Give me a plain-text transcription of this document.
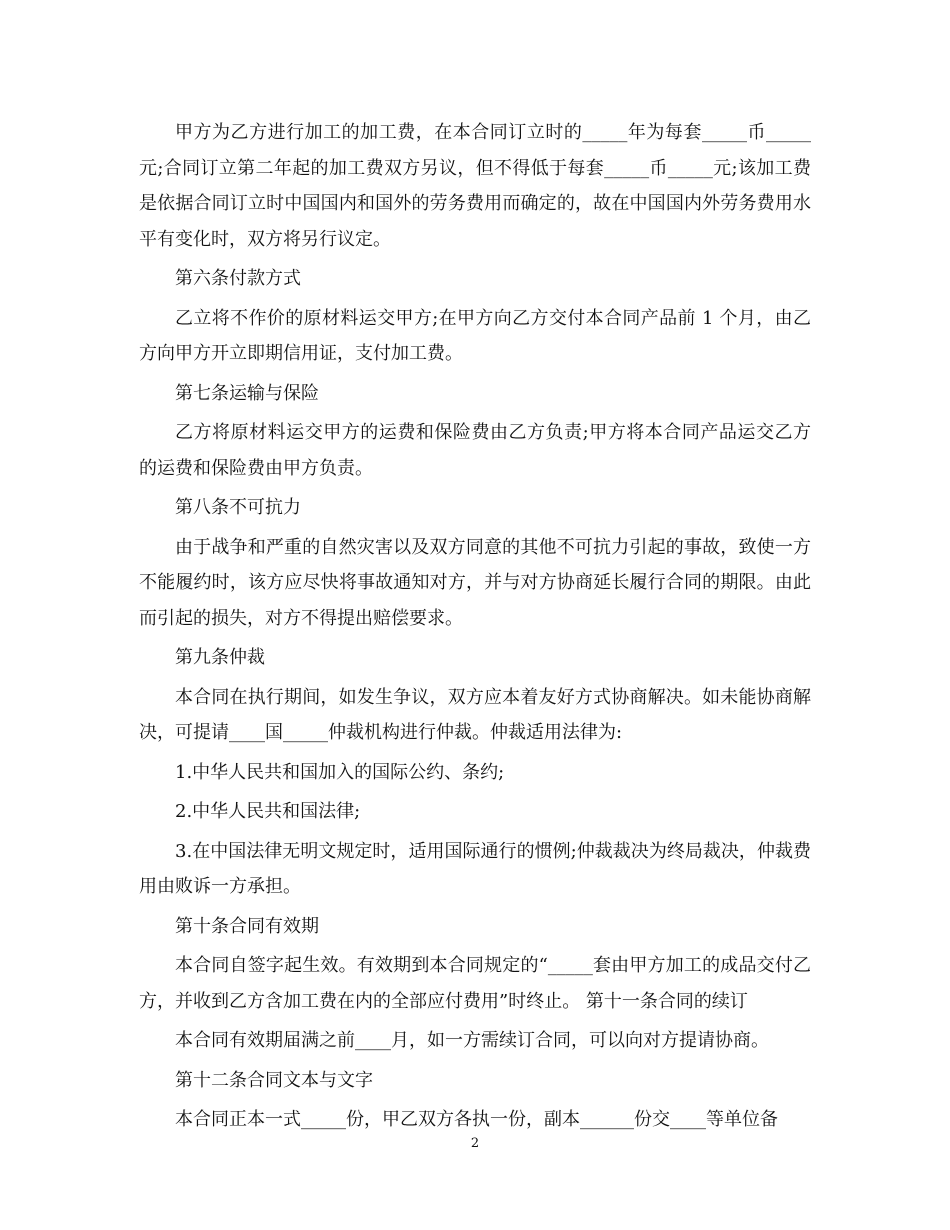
甲方为乙方进行加工的加工费，在本合同订立时的_____年为每套_____币_____元;合同订立第二年起的加工费双方另议，但不得低于每套_____币_____元;该加工费是依据合同订立时中国国内和国外的劳务费用而确定的，故在中国国内外劳务费用水平有变化时，双方将另行议定。

第六条付款方式

乙立将不作价的原材料运交甲方;在甲方向乙方交付本合同产品前 1 个月，由乙方向甲方开立即期信用证，支付加工费。

第七条运输与保险

乙方将原材料运交甲方的运费和保险费由乙方负责;甲方将本合同产品运交乙方的运费和保险费由甲方负责。

第八条不可抗力

由于战争和严重的自然灾害以及双方同意的其他不可抗力引起的事故，致使一方不能履约时，该方应尽快将事故通知对方，并与对方协商延长履行合同的期限。由此而引起的损失，对方不得提出赔偿要求。

第九条仲裁

本合同在执行期间，如发生争议，双方应本着友好方式协商解决。如未能协商解决，可提请____国_____仲裁机构进行仲裁。仲裁适用法律为:

1.中华人民共和国加入的国际公约、条约;

2.中华人民共和国法律;

3.在中国法律无明文规定时，适用国际通行的惯例;仲裁裁决为终局裁决，仲裁费用由败诉一方承担。

第十条合同有效期

本合同自签字起生效。有效期到本合同规定的“_____套由甲方加工的成品交付乙方，并收到乙方含加工费在内的全部应付费用”时终止。 第十一条合同的续订

本合同有效期届满之前____月，如一方需续订合同，可以向对方提请协商。

第十二条合同文本与文字

本合同正本一式_____份，甲乙双方各执一份，副本______份交____等单位备

2
